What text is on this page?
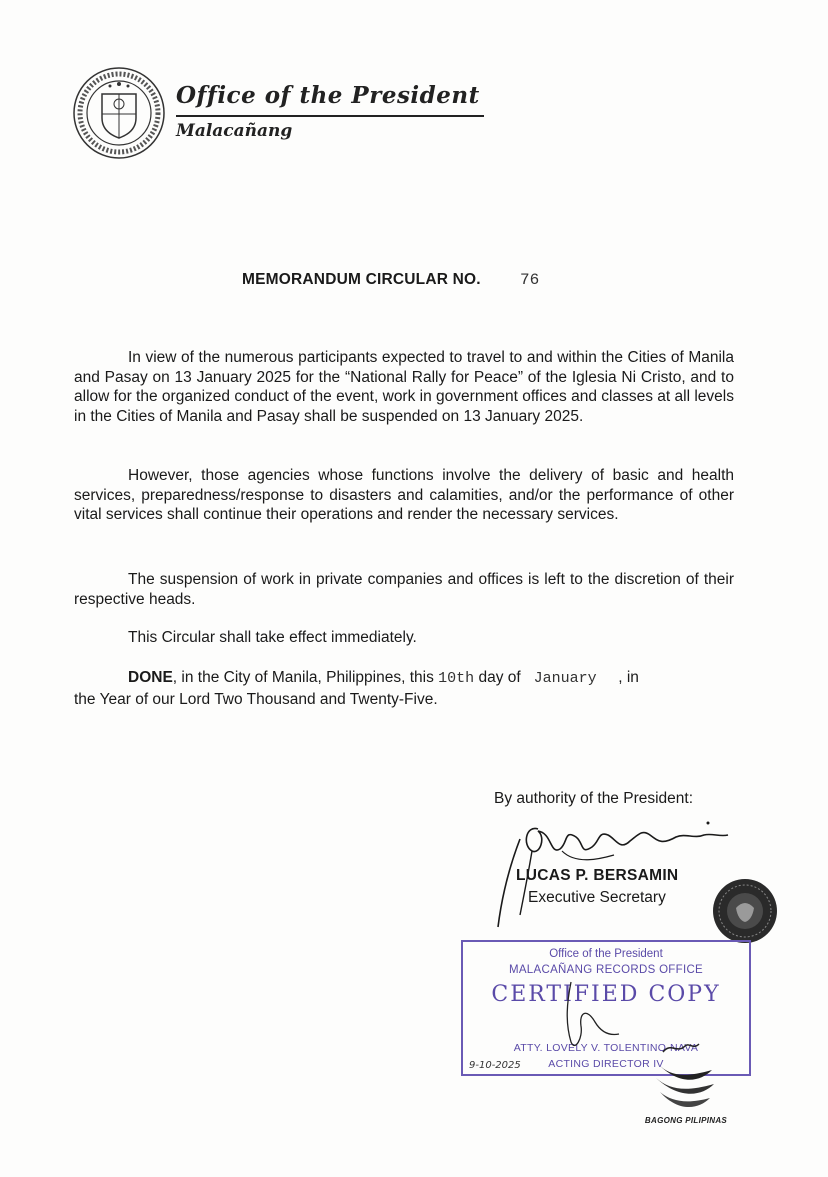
Office of the President
Malacañang
MEMORANDUM CIRCULAR NO. 76

In view of the numerous participants expected to travel to and within the Cities of Manila and Pasay on 13 January 2025 for the “National Rally for Peace” of the Iglesia Ni Cristo, and to allow for the organized conduct of the event, work in government offices and classes at all levels in the Cities of Manila and Pasay shall be suspended on 13 January 2025.

However, those agencies whose functions involve the delivery of basic and health services, preparedness/response to disasters and calamities, and/or the performance of other vital services shall continue their operations and render the necessary services.

The suspension of work in private companies and offices is left to the discretion of their respective heads.

This Circular shall take effect immediately.

DONE, in the City of Manila, Philippines, this 10th day of January , in
the Year of our Lord Two Thousand and Twenty-Five.
By authority of the President:
LUCAS P. BERSAMIN
Executive Secretary
Office of the President
MALACAÑANG RECORDS OFFICE
CERTIFIED COPY
ATTY. LOVELY V. TOLENTINO-NAVA
ACTING DIRECTOR IV
9-10-2025
BAGONG PILIPINAS
